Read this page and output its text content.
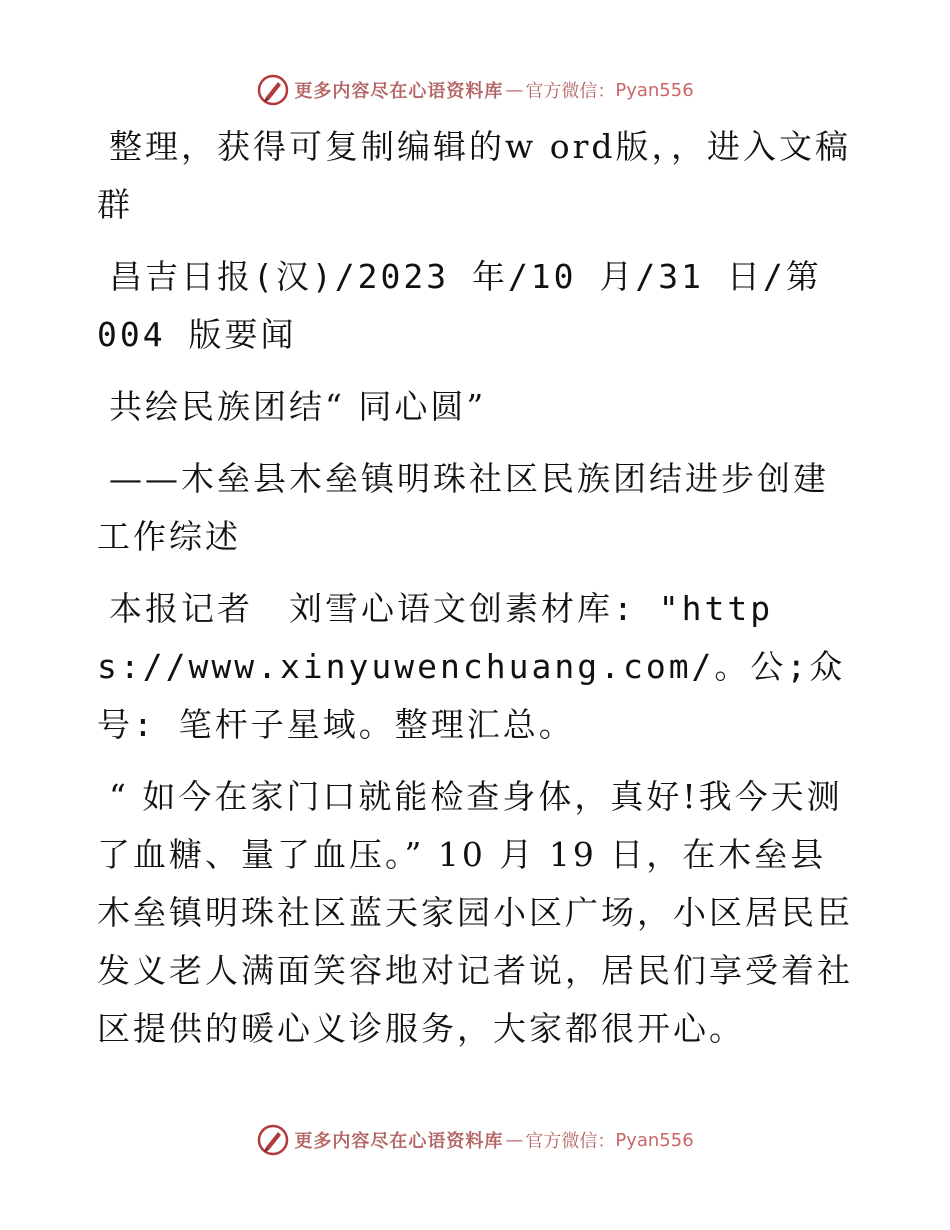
更多内容尽在心语资料库 — 官方微信： Pyan556

整理，获得可复制编辑的w ord版，，进入文稿群

昌吉日报(汉)/2023 年/10 月/31 日/第 004 版要闻

共绘民族团结“ 同心圆”

——木垒县木垒镇明珠社区民族团结进步创建工作综述

本报记者　刘雪心语文创素材库: "https://www.xinyuwenchuang.com/。公;众号: 笔杆子星域。整理汇总。

“ 如今在家门口就能检查身体，真好!我今天测了血糖、量了血压。” 10 月 19 日，在木垒县木垒镇明珠社区蓝天家园小区广场，小区居民臣发义老人满面笑容地对记者说，居民们享受着社区提供的暖心义诊服务，大家都很开心。

更多内容尽在心语资料库 — 官方微信： Pyan556
